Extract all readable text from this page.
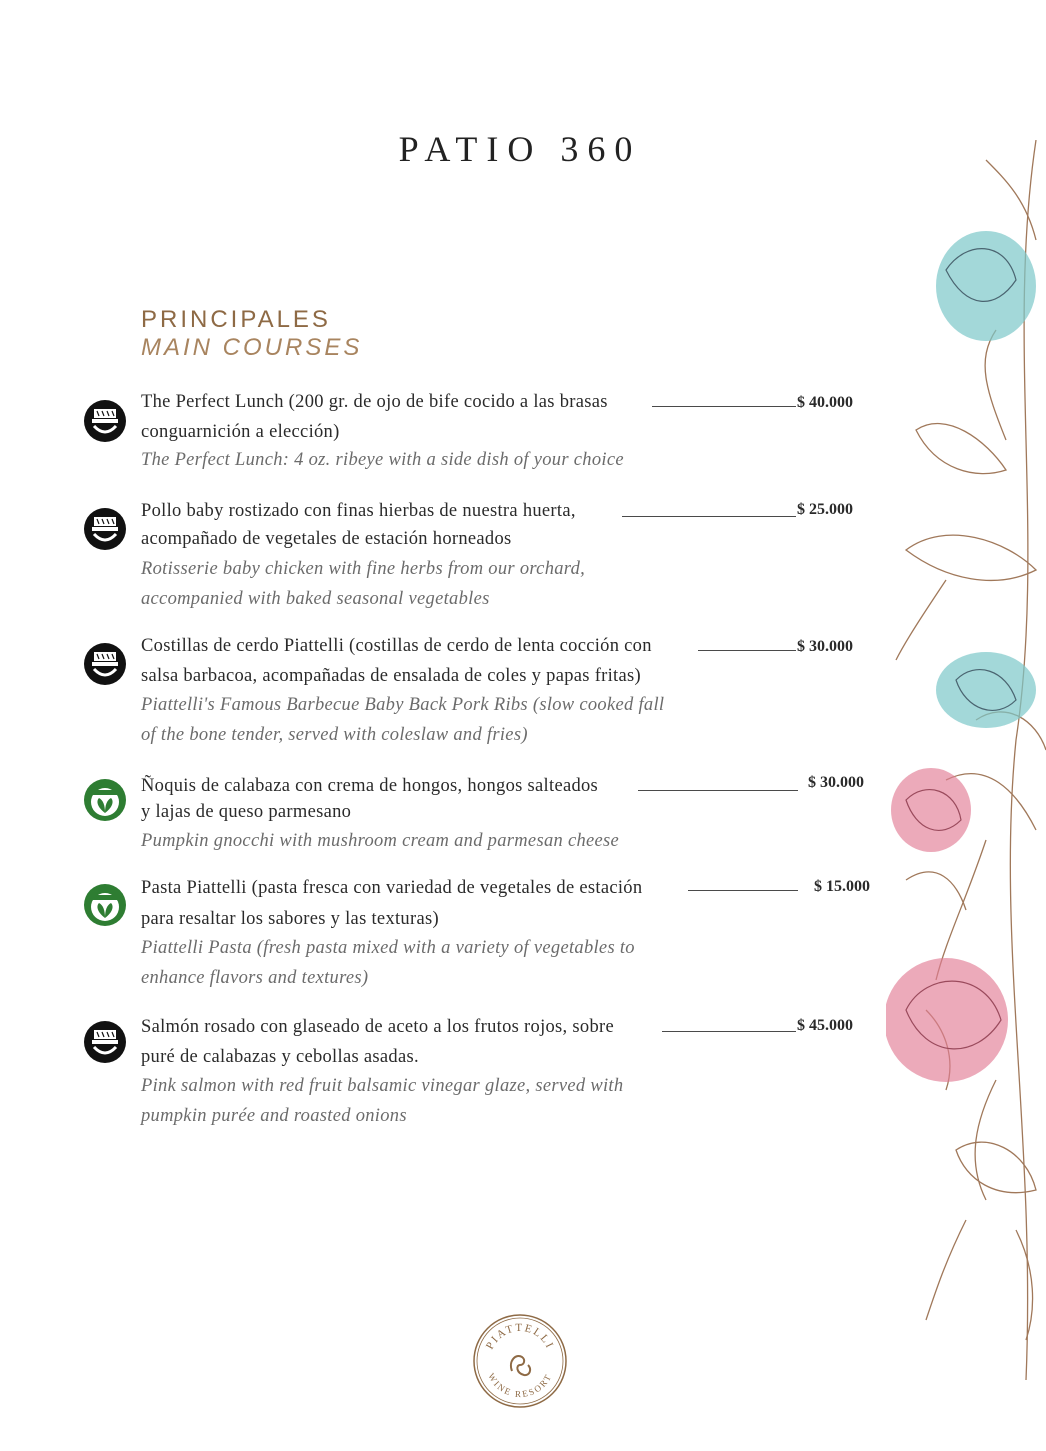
PATIO 360
PRINCIPALES
MAIN COURSES
The Perfect Lunch (200 gr. de ojo de bife cocido a las brasas
conguarnición a elección)
The Perfect Lunch: 4 oz. ribeye with a side dish of your choice
$ 40.000
Pollo baby rostizado con finas hierbas de nuestra huerta,
acompañado de vegetales de estación horneados
Rotisserie baby chicken with fine herbs from our orchard,
accompanied with baked seasonal vegetables
$ 25.000
Costillas de cerdo Piattelli (costillas de cerdo de lenta cocción con
salsa barbacoa, acompañadas de ensalada de coles y papas fritas)
Piattelli's Famous Barbecue Baby Back Pork Ribs (slow cooked fall
of the bone tender, served with coleslaw and fries)
$ 30.000
Ñoquis de calabaza con crema de hongos, hongos salteados
y lajas de queso parmesano
Pumpkin gnocchi with mushroom cream and parmesan cheese
$ 30.000
Pasta Piattelli (pasta fresca con variedad de vegetales de estación
para resaltar los sabores y las texturas)
Piattelli Pasta (fresh pasta mixed with a variety of vegetables to
enhance flavors and textures)
$ 15.000
Salmón rosado con glaseado de aceto a los frutos rojos, sobre
puré de calabazas y cebollas asadas.
Pink salmon with red fruit balsamic vinegar glaze, served with
pumpkin purée and roasted onions
$ 45.000
PIATTELLI
WINE RESORT
